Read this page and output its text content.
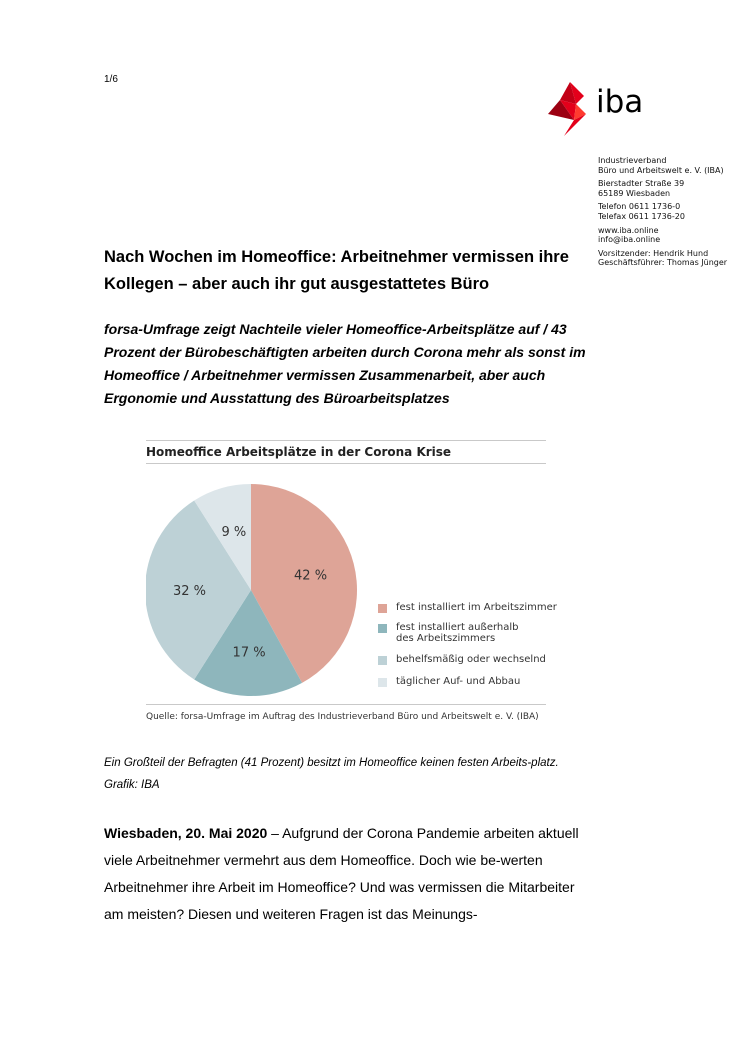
1/6
iba
Industrieverband
Büro und Arbeitswelt e. V. (IBA)
Bierstadter Straße 39
65189 Wiesbaden
Telefon 0611 1736-0
Telefax 0611 1736-20
www.iba.online
info@iba.online
Vorsitzender: Hendrik Hund
Geschäftsführer: Thomas Jünger
Nach Wochen im Homeoffice: Arbeitnehmer vermissen ihre Kollegen – aber auch ihr gut ausgestattetes Büro
forsa-Umfrage zeigt Nachteile vieler Homeoffice-Arbeitsplätze auf / 43 Prozent der Bürobeschäftigten arbeiten durch Corona mehr als sonst im Homeoffice / Arbeitnehmer vermissen Zusammenarbeit, aber auch Ergonomie und Ausstattung des Büroarbeitsplatzes
Homeoffice Arbeitsplätze in der Corona Krise
42 %
17 %
32 %
9 %
fest installiert im Arbeitszimmer
fest installiert außerhalb
des Arbeitszimmers
behelfsmäßig oder wechselnd
täglicher Auf- und Abbau
Quelle: forsa-Umfrage im Auftrag des Industrieverband Büro und Arbeitswelt e. V. (IBA)
Ein Großteil der Befragten (41 Prozent) besitzt im Homeoffice keinen festen Arbeits-platz. Grafik: IBA
Wiesbaden, 20. Mai 2020 – Aufgrund der Corona Pandemie arbeiten aktuell viele Arbeitnehmer vermehrt aus dem Homeoffice. Doch wie be-werten Arbeitnehmer ihre Arbeit im Homeoffice? Und was vermissen die Mitarbeiter am meisten? Diesen und weiteren Fragen ist das Meinungs-
